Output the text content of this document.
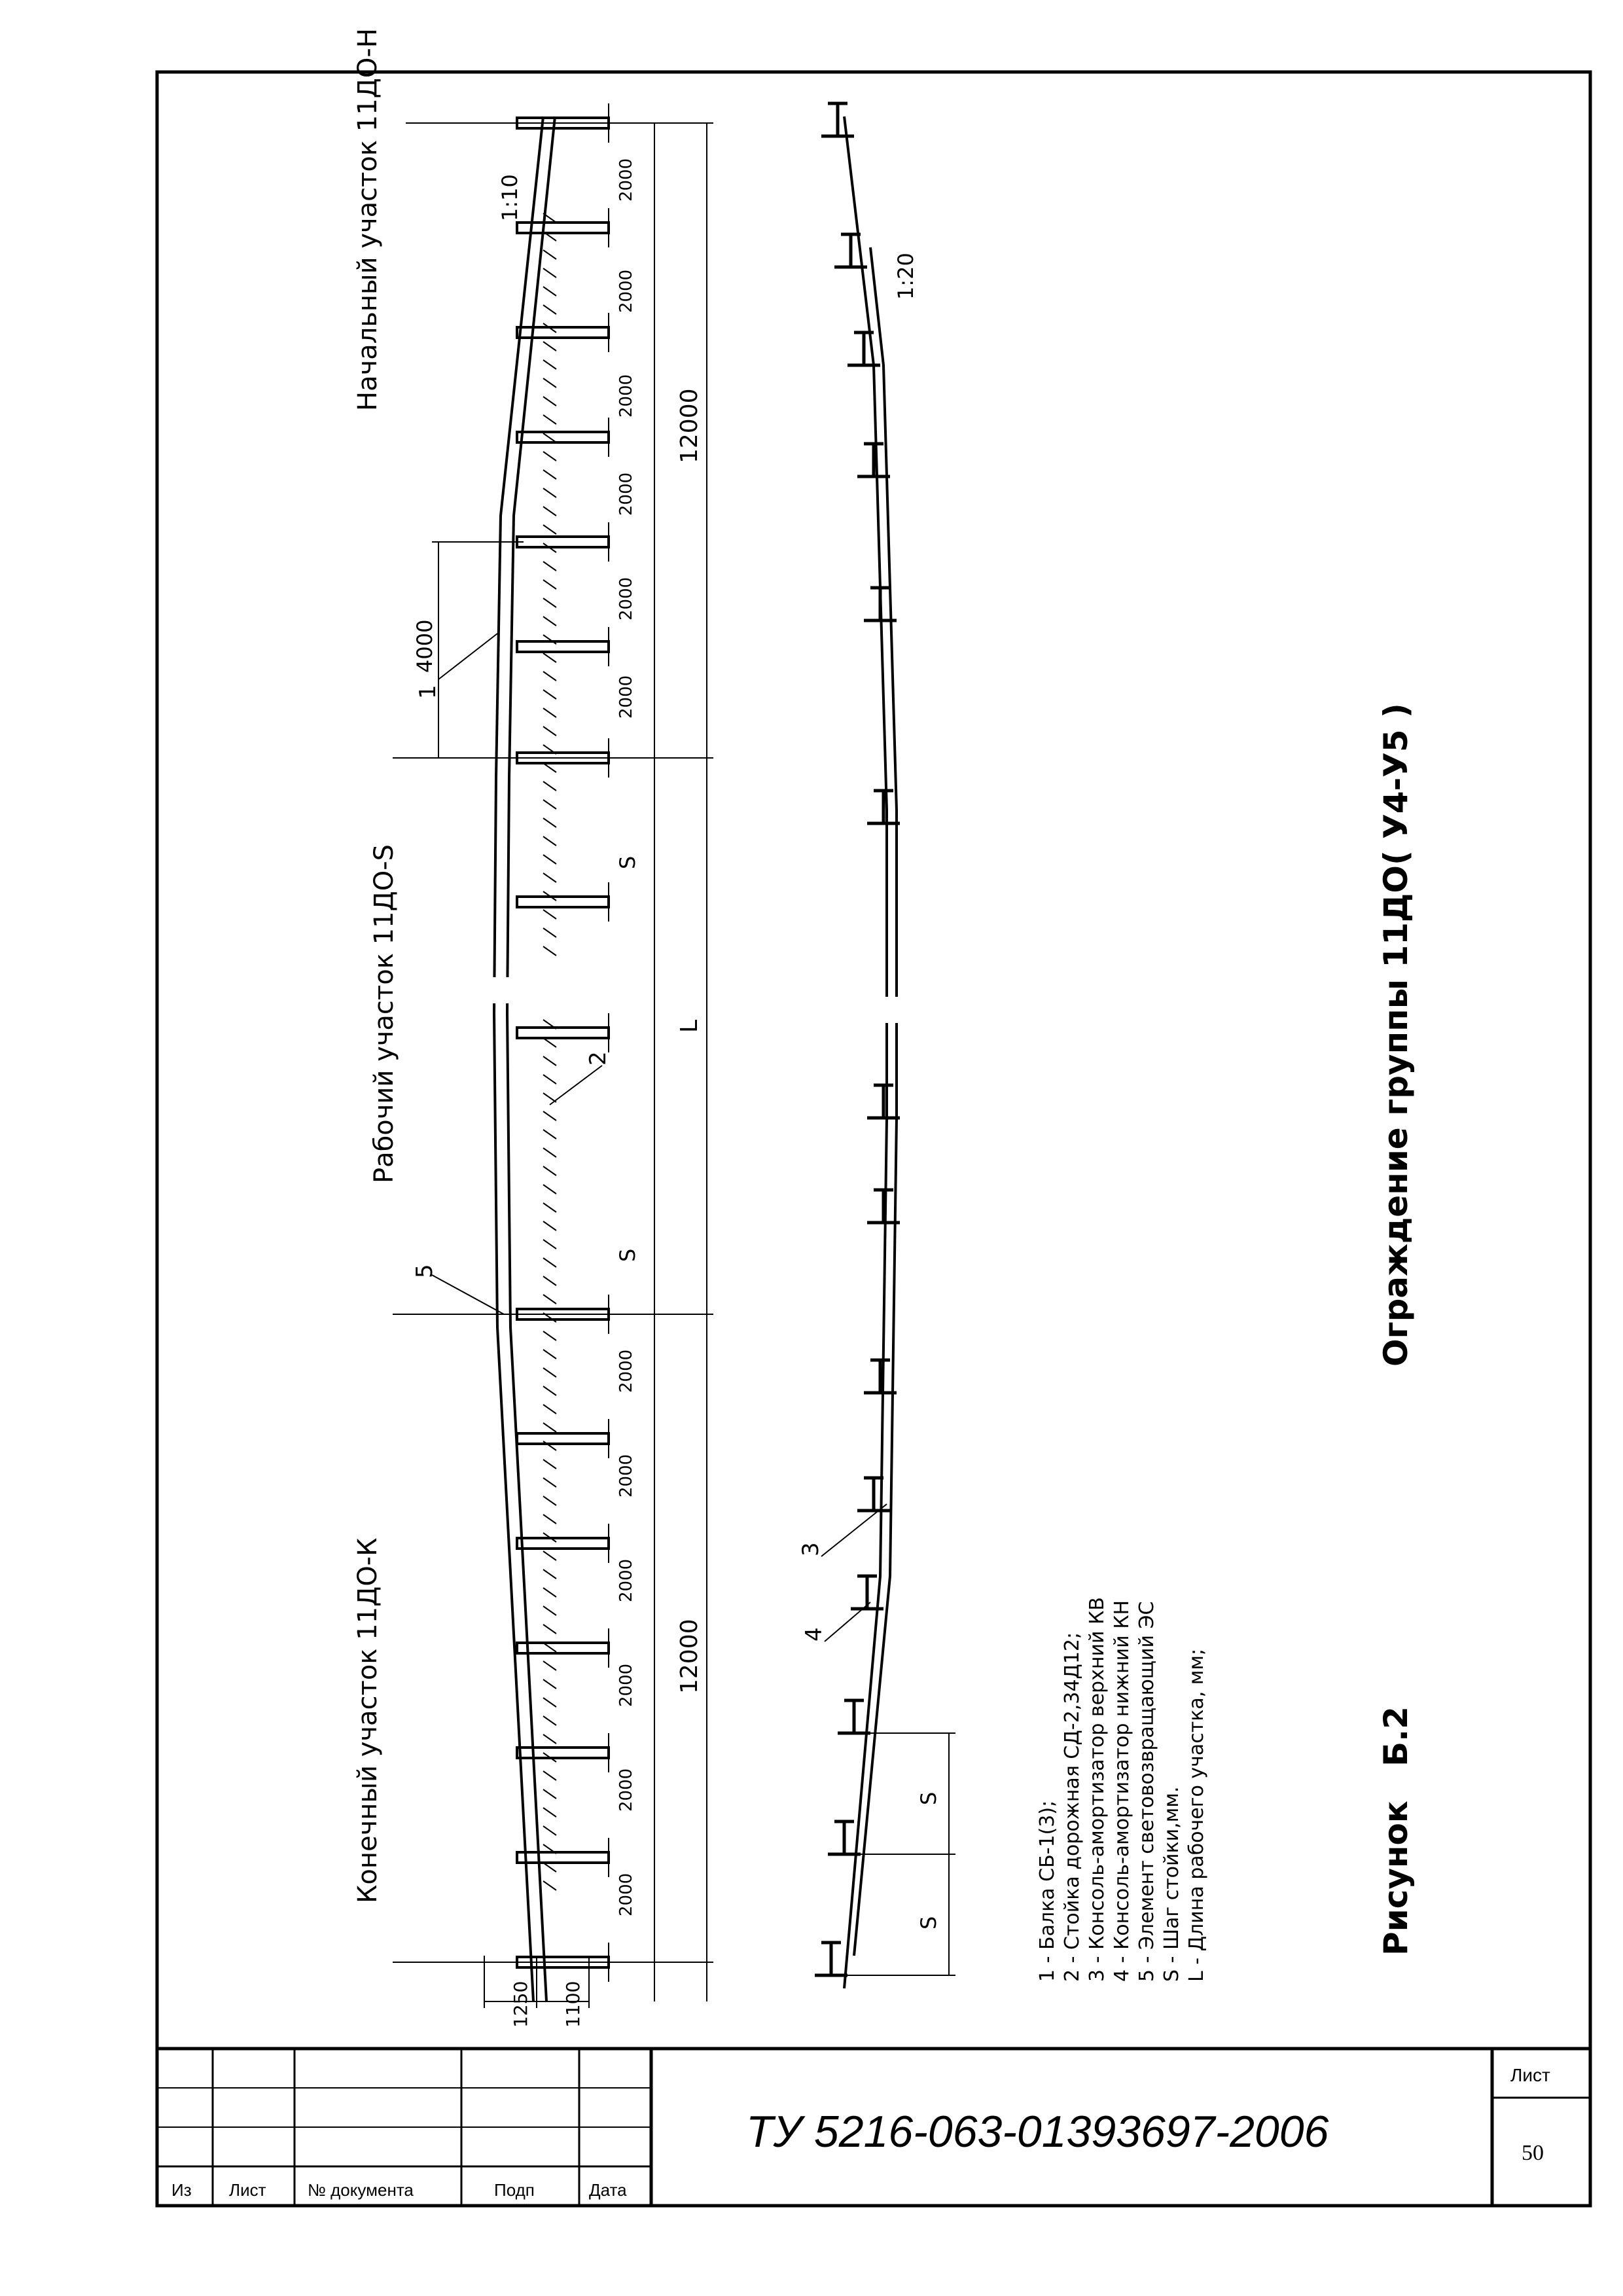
Начальный участок 11ДО-Н
Рабочий участок 11ДО-S
Конечный участок 11ДО-К
1:10
1:20
12000
12000
L
4000
S
S
1250 1100
2000
2000
2000
2000
2000
2000
2000
2000
2000
2000
2000
2000
1
2
5
S
S
3
4
1 - Балка СБ-1(3); 2 - Стойка дорожная СД-2,34Д12; 3 - Консоль-амортизатор верхний КВ 4 - Консоль-амортизатор нижний КН 5 - Элемент световозвращающий ЭС S - Шаг стойки,мм. L - Длина рабочего участка, мм;	Рисунок   Б.2
Ограждение группы 11ДО( У4-У5 )
Из Лист № документа	Подп	Дата
ТУ 5216-063-01393697-2006
Лист
50
